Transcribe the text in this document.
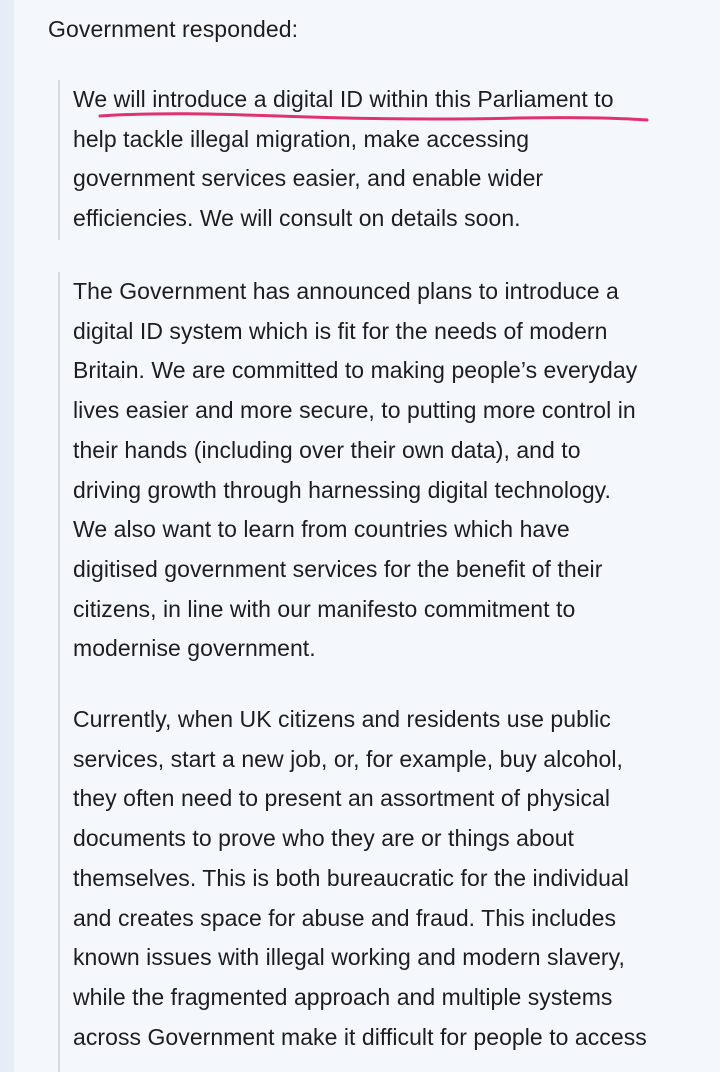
Government responded:
We will introduce a digital ID within this Parliament to
help tackle illegal migration, make accessing
government services easier, and enable wider
efficiencies. We will consult on details soon.
The Government has announced plans to introduce a
digital ID system which is fit for the needs of modern
Britain. We are committed to making people’s everyday
lives easier and more secure, to putting more control in
their hands (including over their own data), and to
driving growth through harnessing digital technology.
We also want to learn from countries which have
digitised government services for the benefit of their
citizens, in line with our manifesto commitment to
modernise government.
Currently, when UK citizens and residents use public
services, start a new job, or, for example, buy alcohol,
they often need to present an assortment of physical
documents to prove who they are or things about
themselves. This is both bureaucratic for the individual
and creates space for abuse and fraud. This includes
known issues with illegal working and modern slavery,
while the fragmented approach and multiple systems
across Government make it difficult for people to access
